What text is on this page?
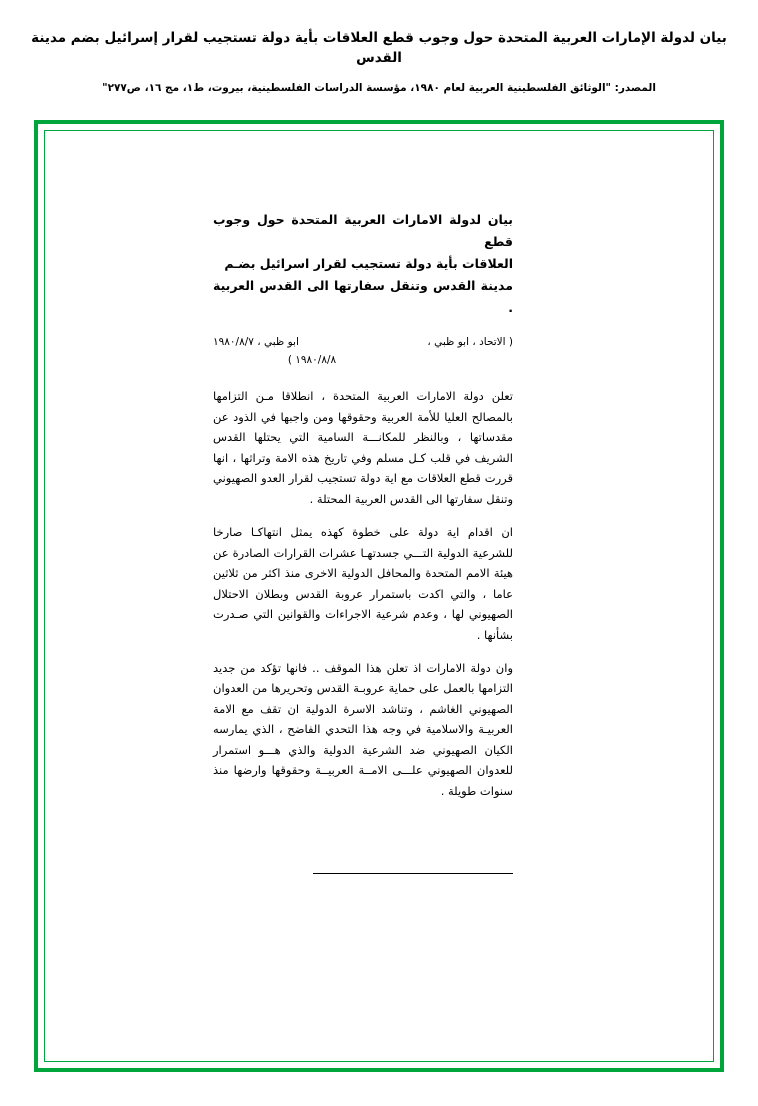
بيان لدولة الإمارات العربية المتحدة حول وجوب قطع العلاقات بأية دولة تستجيب لقرار إسرائيل بضم مدينة القدس
المصدر: "الوثائق الفلسطينية العربية لعام ١٩٨٠، مؤسسة الدراسات الفلسطينية، بيروت، ط١، مج ١٦، ص٢٧٧"
بيان لدولة الامارات العربية المتحدة حول وجوب قطع
العلاقات بأية دولة تستجيب لقرار اسرائيل بضـم
مدينة القدس وتنقل سفارتها الى القدس العربية .
( الاتحاد ، ابو ظبي ،
ابو ظبي ، ١٩٨٠/٨/٧
١٩٨٠/٨/٨ )

تعلن دولة الامارات العربية المتحدة ، انطلاقا مـن التزامها بالمصالح العليا للأمة العربية وحقوقها ومن واجبها في الذود عن مقدساتها ، وبالنظر للمكانـــة السامية التي يحتلها القدس الشريف في قلب كـل مسلم وفي تاريخ هذه الامة وتراثها ، انها قررت قطع العلاقات مع اية دولة تستجيب لقرار العدو الصهيوني وتنقل سفارتها الى القدس العربية المحتلة .

ان اقدام اية دولة على خطوة كهذه يمثل انتهاكـا صارخا للشرعية الدولية التـــي جسدتهـا عشرات القرارات الصادرة عن هيئة الامم المتحدة والمحافل الدولية الاخرى منذ اكثر من ثلاثين عاما ، والتي اكدت باستمرار عروبة القدس وبطلان الاحتلال الصهيوني لها ، وعدم شرعية الاجراءات والقوانين التي صـدرت بشأنها .

وان دولة الامارات اذ تعلن هذا الموقف .. فانها تؤكد من جديد التزامها بالعمل على حماية عروبـة القدس وتحريرها من العدوان الصهيوني الغاشم ، وتناشد الاسرة الدولية ان تقف مع الامة العربيـة والاسلامية في وجه هذا التحدي الفاضح ، الذي يمارسه الكيان الصهيوني ضد الشرعية الدولية والذي هـــو استمرار للعدوان الصهيوني علـــى الامــة العربيــة وحقوقها وارضها منذ سنوات طويلة .
